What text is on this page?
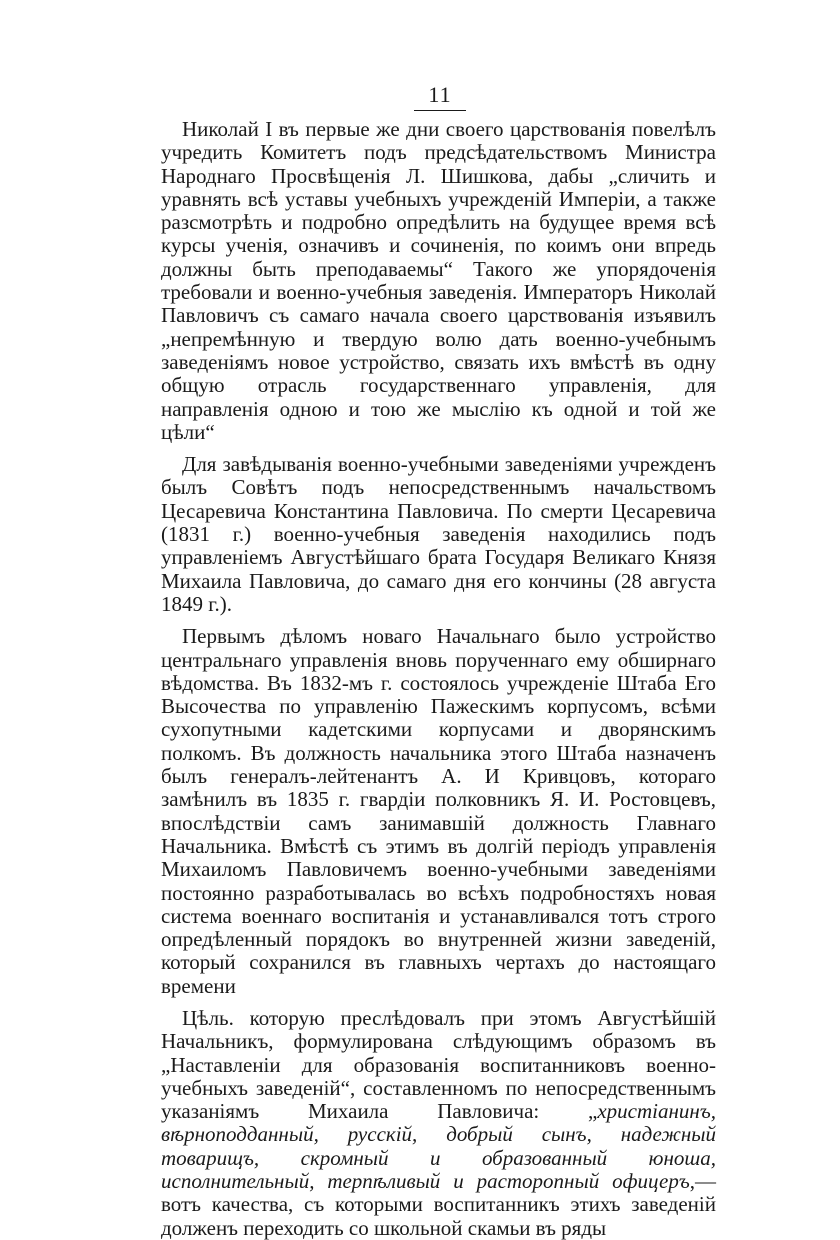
11

Николай I въ первые же дни своего царствованія повелѣлъ учредить Комитетъ подъ предсѣдательствомъ Министра Народнаго Просвѣщенія Л. Шишкова, дабы „сличить и уравнять всѣ уставы учебныхъ учрежденій Имперіи, а также разсмотрѣть и подробно опредѣлить на будущее время всѣ курсы ученія, означивъ и сочиненія, по коимъ они впредь должны быть преподаваемы“ Такого же упорядоченія требовали и военно-учебныя заведенія. Императоръ Николай Павловичъ съ самаго начала своего царствованія изъявилъ „непремѣнную и твердую волю дать военно-учебнымъ заведеніямъ новое устройство, связать ихъ вмѣстѣ въ одну общую отрасль государственнаго управленія, для направленія одною и тою же мыслію къ одной и той же цѣли“

Для завѣдыванія военно-учебными заведеніями учрежденъ былъ Совѣтъ подъ непосредственнымъ начальствомъ Цесаревича Константина Павловича. По смерти Цесаревича (1831 г.) военно-учебныя заведенія находились подъ управленіемъ Августѣйшаго брата Государя Великаго Князя Михаила Павловича, до самаго дня его кончины (28 августа 1849 г.).

Первымъ дѣломъ новаго Начальнаго было устройство центральнаго управленія вновь порученнаго ему обширнаго вѣдомства. Въ 1832-мъ г. состоялось учрежденіе Штаба Его Высочества по управленію Пажескимъ корпусомъ, всѣми сухопутными кадетскими корпусами и дворянскимъ полкомъ. Въ должность начальника этого Штаба назначенъ былъ генералъ-лейтенантъ А. И Кривцовъ, котораго замѣнилъ въ 1835 г. гвардіи полковникъ Я. И. Ростовцевъ, впослѣдствіи самъ занимавшій должность Главнаго Начальника. Вмѣстѣ съ этимъ въ долгій періодъ управленія Михаиломъ Павловичемъ военно-учебными заведеніями постоянно разработывалась во всѣхъ подробностяхъ новая система военнаго воспитанія и устанавливался тотъ строго опредѣленный порядокъ во внутренней жизни заведеній, который сохранился въ главныхъ чертахъ до настоящаго времени

Цѣль. которую преслѣдовалъ при этомъ Августѣйшій Начальникъ, формулирована слѣдующимъ образомъ въ „Наставленіи для образованія воспитанниковъ военно-учебныхъ заведеній“, составленномъ по непосредственнымъ указаніямъ Михаила Павловича: „христіанинъ, вѣрноподданный, русскій, добрый сынъ, надежный товарищъ, скромный и образованный юноша, исполнительный, терпѣливый и расторопный офицеръ,—вотъ качества, съ которыми воспитанникъ этихъ заведеній долженъ переходить со школьной скамьи въ ряды
